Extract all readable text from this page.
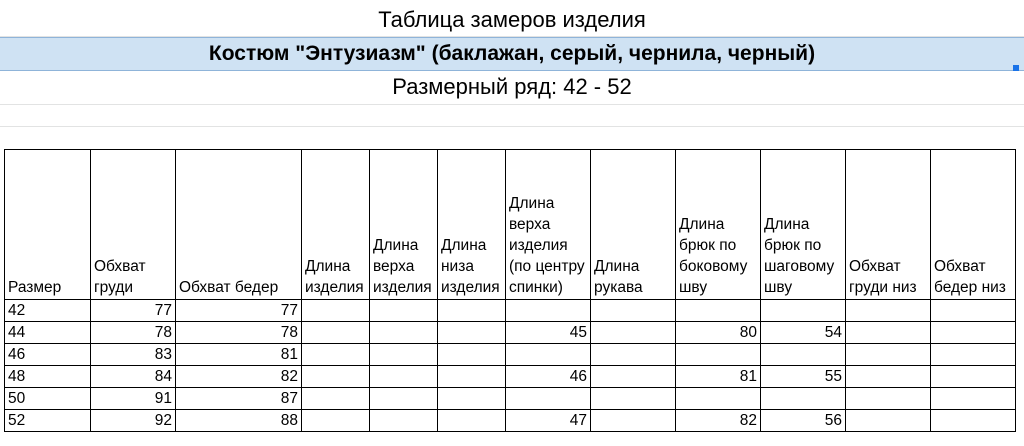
Таблица замеров изделия
Костюм "Энтузиазм" (баклажан, серый, чернила, черный)
Размерный ряд: 42 - 52
Размер	Обхват груди	Обхват бедер	Длина изделия	Длина верха изделия	Длина низа изделия	Длина верха изделия (по центру спинки)	Длина рукава	Длина брюк по боковому шву	Длина брюк по шаговому шву	Обхват груди низ	Обхват бедер низ
42	77	77									
44	78	78				45		80	54		
46	83	81									
48	84	82				46		81	55		
50	91	87									
52	92	88				47		82	56		
